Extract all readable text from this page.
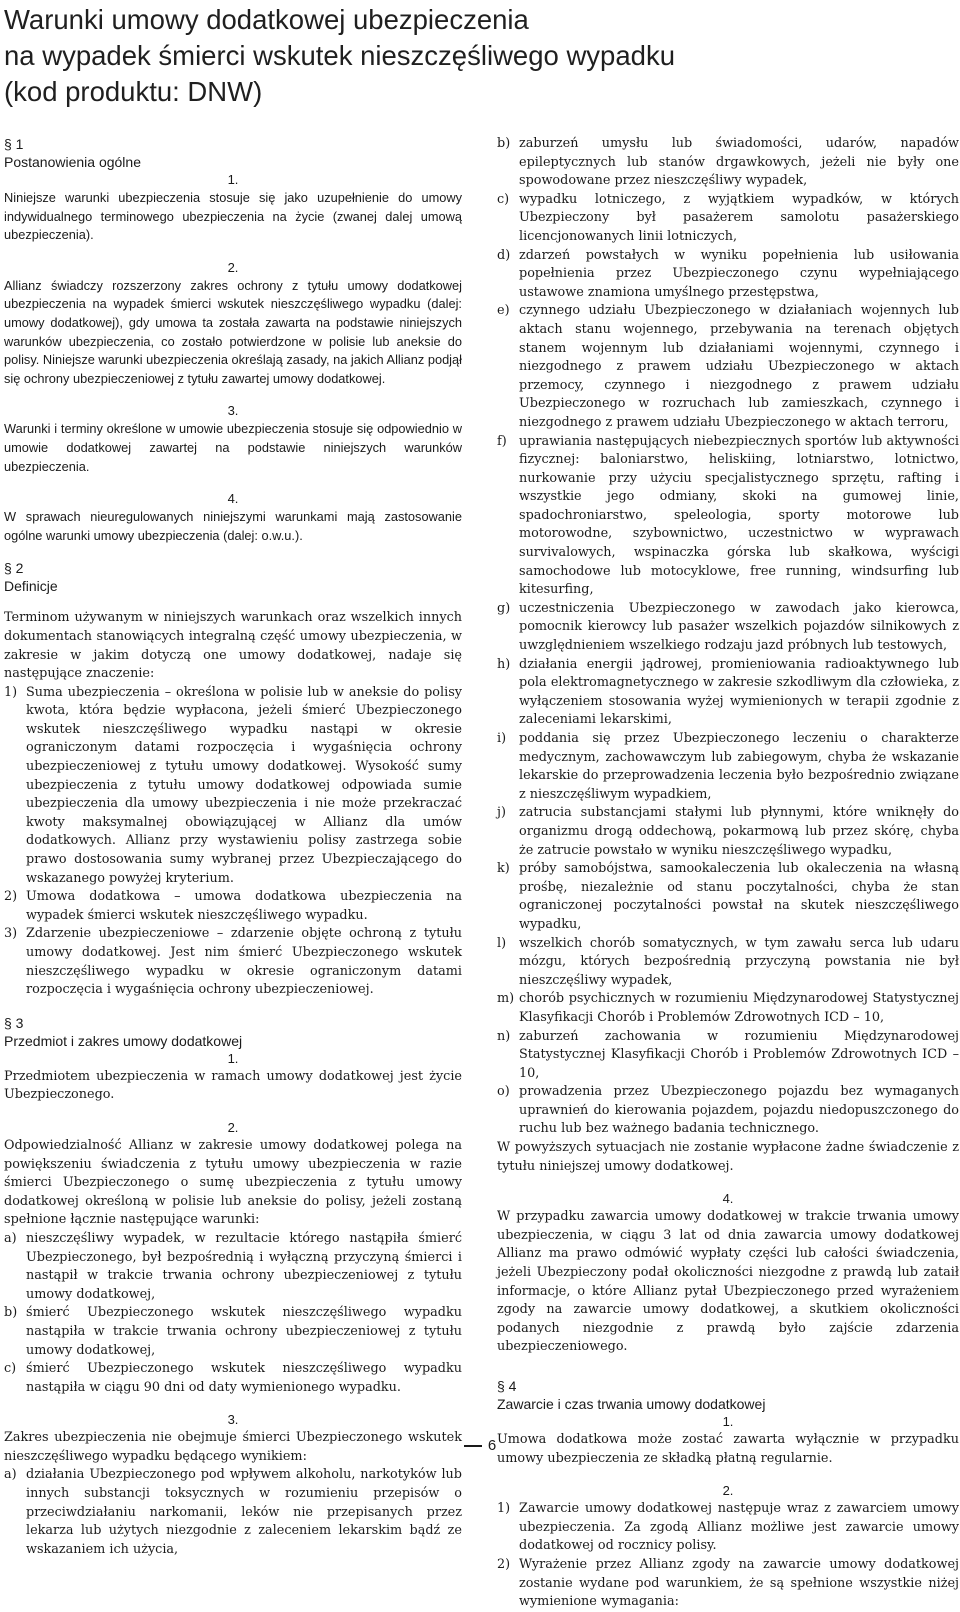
Warunki umowy dodatkowej ubezpieczenia
na wypadek śmierci wskutek nieszczęśliwego wypadku
(kod produktu: DNW)
§ 1
Postanowienia ogólne
1.

Niniejsze warunki ubezpieczenia stosuje się jako uzupełnienie do umowy indywidualnego terminowego ubezpieczenia na życie (zwanej dalej umową ubezpieczenia).

2.

Allianz świadczy rozszerzony zakres ochrony z tytułu umowy dodatkowej ubezpieczenia na wypadek śmierci wskutek nieszczęśliwego wypadku (dalej: umowy dodatkowej), gdy umowa ta została zawarta na podstawie niniejszych warunków ubezpieczenia, co zostało potwierdzone w polisie lub aneksie do polisy. Niniejsze warunki ubezpieczenia określają zasady, na jakich Allianz podjął się ochrony ubezpieczeniowej z tytułu zawartej umowy dodatkowej.

3.

Warunki i terminy określone w umowie ubezpieczenia stosuje się odpowiednio w umowie dodatkowej zawartej na podstawie niniejszych warunków ubezpieczenia.

4.

W sprawach nieuregulowanych niniejszymi warunkami mają zastosowanie ogólne warunki umowy ubezpieczenia (dalej: o.w.u.).

§ 2
Definicje

Terminom używanym w niniejszych warunkach oraz wszelkich innych dokumentach stanowiących integralną część umowy ubezpieczenia, w zakresie w jakim dotyczą one umowy dodatkowej, nadaje się następujące znaczenie:

1) Suma ubezpieczenia – określona w polisie lub w aneksie do polisy kwota, która będzie wypłacona, jeżeli śmierć Ubezpieczonego wskutek nieszczęśliwego wypadku nastąpi w okresie ograniczonym datami rozpoczęcia i wygaśnięcia ochrony ubezpieczeniowej z tytułu umowy dodatkowej. Wysokość sumy ubezpieczenia z tytułu umowy dodatkowej odpowiada sumie ubezpieczenia dla umowy ubezpieczenia i nie może przekraczać kwoty maksymalnej obowiązującej w Allianz dla umów dodatkowych. Allianz przy wystawieniu polisy zastrzega sobie prawo dostosowania sumy wybranej przez Ubezpieczającego do wskazanego powyżej kryterium.
2) Umowa dodatkowa – umowa dodatkowa ubezpieczenia na wypadek śmierci wskutek nieszczęśliwego wypadku.
3) Zdarzenie ubezpieczeniowe – zdarzenie objęte ochroną z tytułu umowy dodatkowej. Jest nim śmierć Ubezpieczonego wskutek nieszczęśliwego wypadku w okresie ograniczonym datami rozpoczęcia i wygaśnięcia ochrony ubezpieczeniowej.
§ 3
Przedmiot i zakres umowy dodatkowej
1.

Przedmiotem ubezpieczenia w ramach umowy dodatkowej jest życie Ubezpieczonego.

2.

Odpowiedzialność Allianz w zakresie umowy dodatkowej polega na powiększeniu świadczenia z tytułu umowy ubezpieczenia w razie śmierci Ubezpieczonego o sumę ubezpieczenia z tytułu umowy dodatkowej określoną w polisie lub aneksie do polisy, jeżeli zostaną spełnione łącznie następujące warunki:

a) nieszczęśliwy wypadek, w rezultacie którego nastąpiła śmierć Ubezpieczonego, był bezpośrednią i wyłączną przyczyną śmierci i nastąpił w trakcie trwania ochrony ubezpieczeniowej z tytułu umowy dodatkowej,
b) śmierć Ubezpieczonego wskutek nieszczęśliwego wypadku nastąpiła w trakcie trwania ochrony ubezpieczeniowej z tytułu umowy dodatkowej,
c) śmierć Ubezpieczonego wskutek nieszczęśliwego wypadku nastąpiła w ciągu 90 dni od daty wymienionego wypadku.
3.

Zakres ubezpieczenia nie obejmuje śmierci Ubezpieczonego wskutek nieszczęśliwego wypadku będącego wynikiem:

a) działania Ubezpieczonego pod wpływem alkoholu, narkotyków lub innych substancji toksycznych w rozumieniu przepisów o przeciwdziałaniu narkomanii, leków nie przepisanych przez lekarza lub użytych niezgodnie z zaleceniem lekarskim bądź ze wskazaniem ich użycia,
b) zaburzeń umysłu lub świadomości, udarów, napadów epileptycznych lub stanów drgawkowych, jeżeli nie były one spowodowane przez nieszczęśliwy wypadek,
c) wypadku lotniczego, z wyjątkiem wypadków, w których Ubezpieczony był pasażerem samolotu pasażerskiego licencjonowanych linii lotniczych,
d) zdarzeń powstałych w wyniku popełnienia lub usiłowania popełnienia przez Ubezpieczonego czynu wypełniającego ustawowe znamiona umyślnego przestępstwa,
e) czynnego udziału Ubezpieczonego w działaniach wojennych lub aktach stanu wojennego, przebywania na terenach objętych stanem wojennym lub działaniami wojennymi, czynnego i niezgodnego z prawem udziału Ubezpieczonego w aktach przemocy, czynnego i niezgodnego z prawem udziału Ubezpieczonego w rozruchach lub zamieszkach, czynnego i niezgodnego z prawem udziału Ubezpieczonego w aktach terroru,
f) uprawiania następujących niebezpiecznych sportów lub aktywności fizycznej: baloniarstwo, heliskiing, lotniarstwo, lotnictwo, nurkowanie przy użyciu specjalistycznego sprzętu, rafting i wszystkie jego odmiany, skoki na gumowej linie, spadochroniarstwo, speleologia, sporty motorowe lub motorowodne, szybownictwo, uczestnictwo w wyprawach survivalowych, wspinaczka górska lub skałkowa, wyścigi samochodowe lub motocyklowe, free running, windsurfing lub kitesurfing,
g) uczestniczenia Ubezpieczonego w zawodach jako kierowca, pomocnik kierowcy lub pasażer wszelkich pojazdów silnikowych z uwzględnieniem wszelkiego rodzaju jazd próbnych lub testowych,
h) działania energii jądrowej, promieniowania radioaktywnego lub pola elektromagnetycznego w zakresie szkodliwym dla człowieka, z wyłączeniem stosowania wyżej wymienionych w terapii zgodnie z zaleceniami lekarskimi,
i)	poddania się przez Ubezpieczonego leczeniu o charakterze medycznym, zachowawczym lub zabiegowym, chyba że wskazanie lekarskie do przeprowadzenia leczenia było bezpośrednio związane z nieszczęśliwym wypadkiem,
j)	zatrucia substancjami stałymi lub płynnymi, które wniknęły do organizmu drogą oddechową, pokarmową lub przez skórę, chyba że zatrucie powstało w wyniku nieszczęśliwego wypadku,
k) próby samobójstwa, samookaleczenia lub okaleczenia na własną prośbę, niezależnie od stanu poczytalności, chyba że stan ograniczonej poczytalności powstał na skutek nieszczęśliwego wypadku,
l)	wszelkich chorób somatycznych, w tym zawału serca lub udaru mózgu, których bezpośrednią przyczyną powstania nie był nieszczęśliwy wypadek,
m) chorób psychicznych w rozumieniu Międzynarodowej Statystycznej Klasyfikacji Chorób i Problemów Zdrowotnych ICD – 10,
n) zaburzeń zachowania w rozumieniu Międzynarodowej Statystycznej Klasyfikacji Chorób i Problemów Zdrowotnych ICD – 10,
o) prowadzenia przez Ubezpieczonego pojazdu bez wymaganych uprawnień do kierowania pojazdem, pojazdu niedopuszczonego do ruchu lub bez ważnego badania technicznego.

W powyższych sytuacjach nie zostanie wypłacone żadne świadczenie z tytułu niniejszej umowy dodatkowej.

4.

W przypadku zawarcia umowy dodatkowej w trakcie trwania umowy ubezpieczenia, w ciągu 3 lat od dnia zawarcia umowy dodatkowej Allianz ma prawo odmówić wypłaty części lub całości świadczenia, jeżeli Ubezpieczony podał okoliczności niezgodne z prawdą lub zataił informacje, o które Allianz pytał Ubezpieczonego przed wyrażeniem zgody na zawarcie umowy dodatkowej, a skutkiem okoliczności podanych niezgodnie z prawdą było zajście zdarzenia ubezpieczeniowego.

§ 4
Zawarcie i czas trwania umowy dodatkowej
1.

Umowa dodatkowa może zostać zawarta wyłącznie w przypadku umowy ubezpieczenia ze składką płatną regularnie.

2.
1) Zawarcie umowy dodatkowej następuje wraz z zawarciem umowy ubezpieczenia. Za zgodą Allianz możliwe jest zawarcie umowy dodatkowej od rocznicy polisy.
2) Wyrażenie przez Allianz zgody na zawarcie umowy dodatkowej zostanie wydane pod warunkiem, że są spełnione wszystkie niżej wymienione wymagania:
6
